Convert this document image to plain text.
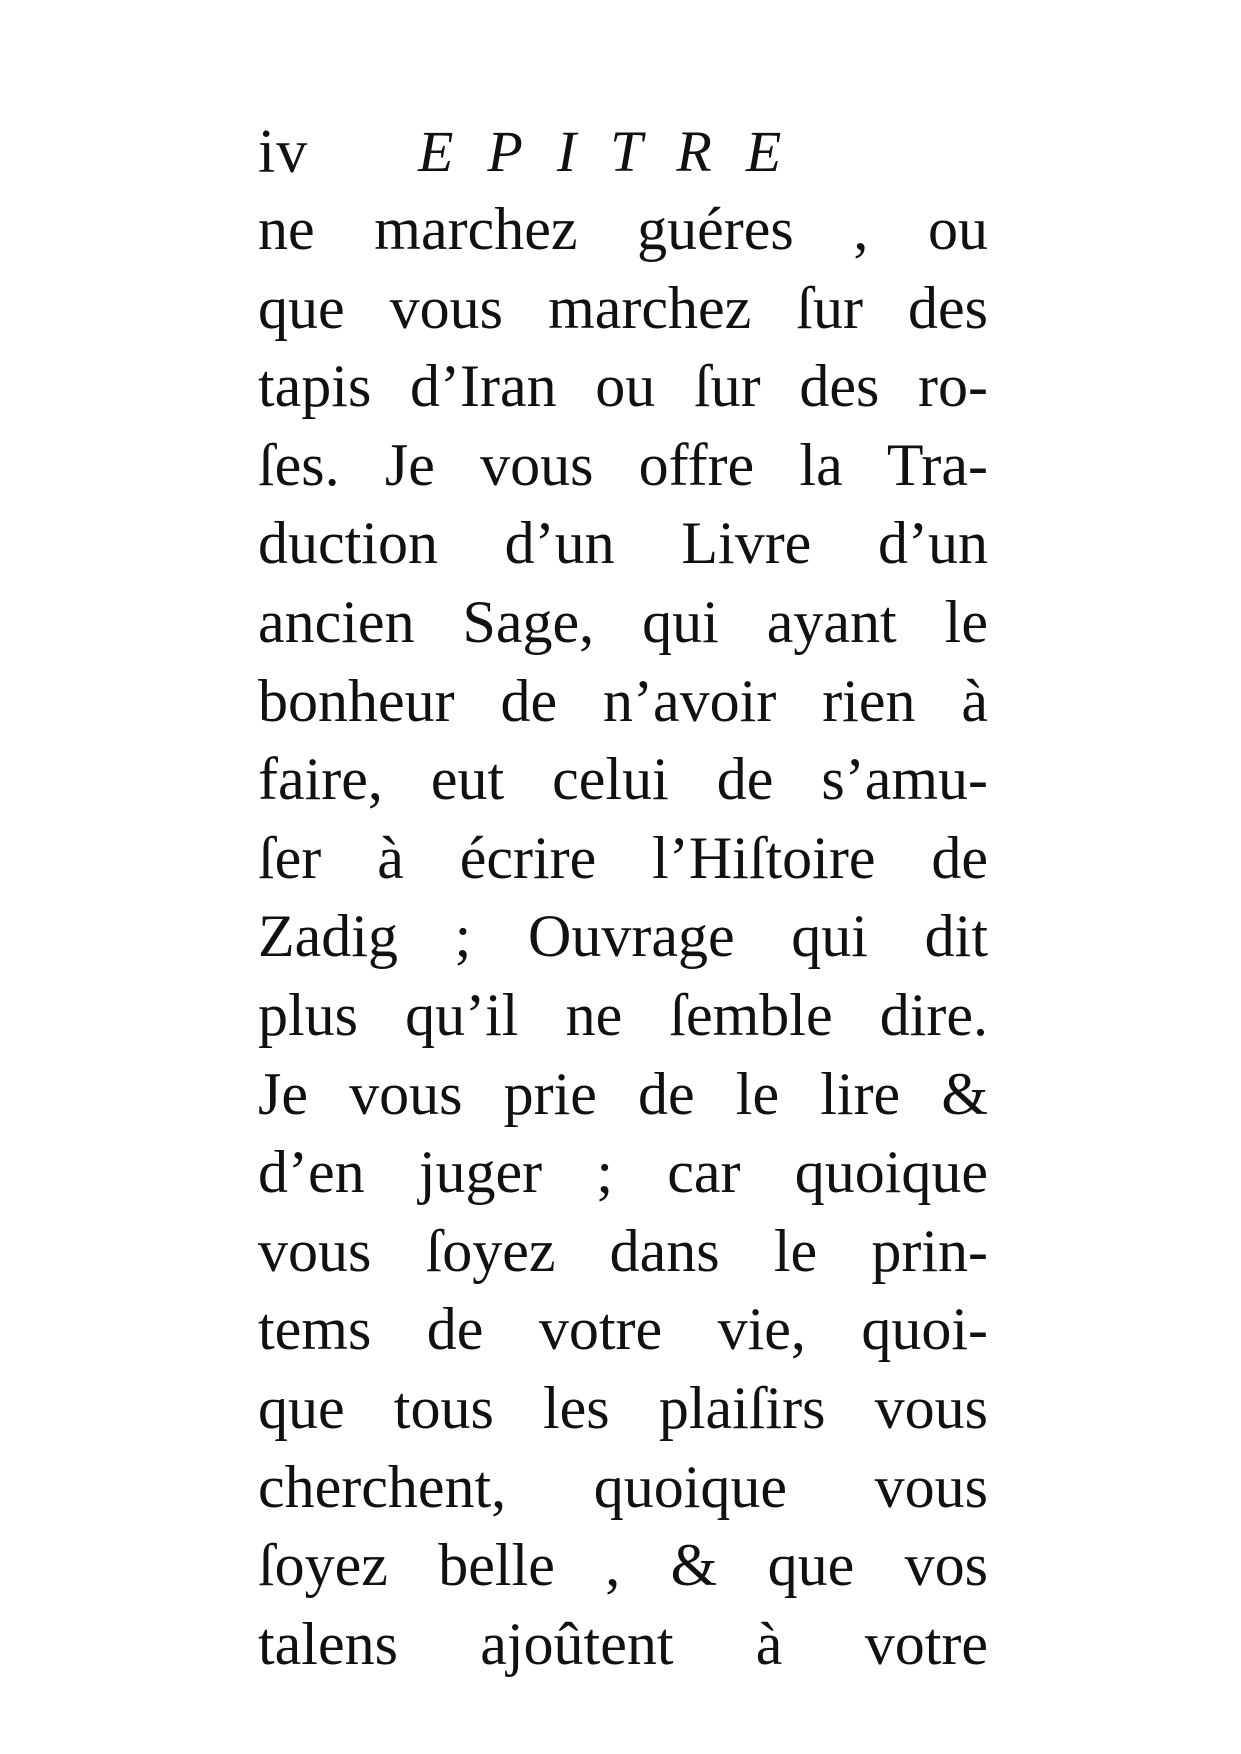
iv EPITRE
ne marchez guéres , ou
que vous marchez ſur des
tapis d’Iran ou ſur des ro-
ſes. Je vous offre la Tra-
duction d’un Livre d’un
ancien Sage, qui ayant le
bonheur de n’avoir rien à
faire, eut celui de s’amu-
ſer à écrire l’Hiſtoire de
Zadig ; Ouvrage qui dit
plus qu’il ne ſemble dire.
Je vous prie de le lire &
d’en juger ; car quoique
vous ſoyez dans le prin-
tems de votre vie, quoi-
que tous les plaiſirs vous
cherchent, quoique vous
ſoyez belle , & que vos
talens ajoûtent à votre
